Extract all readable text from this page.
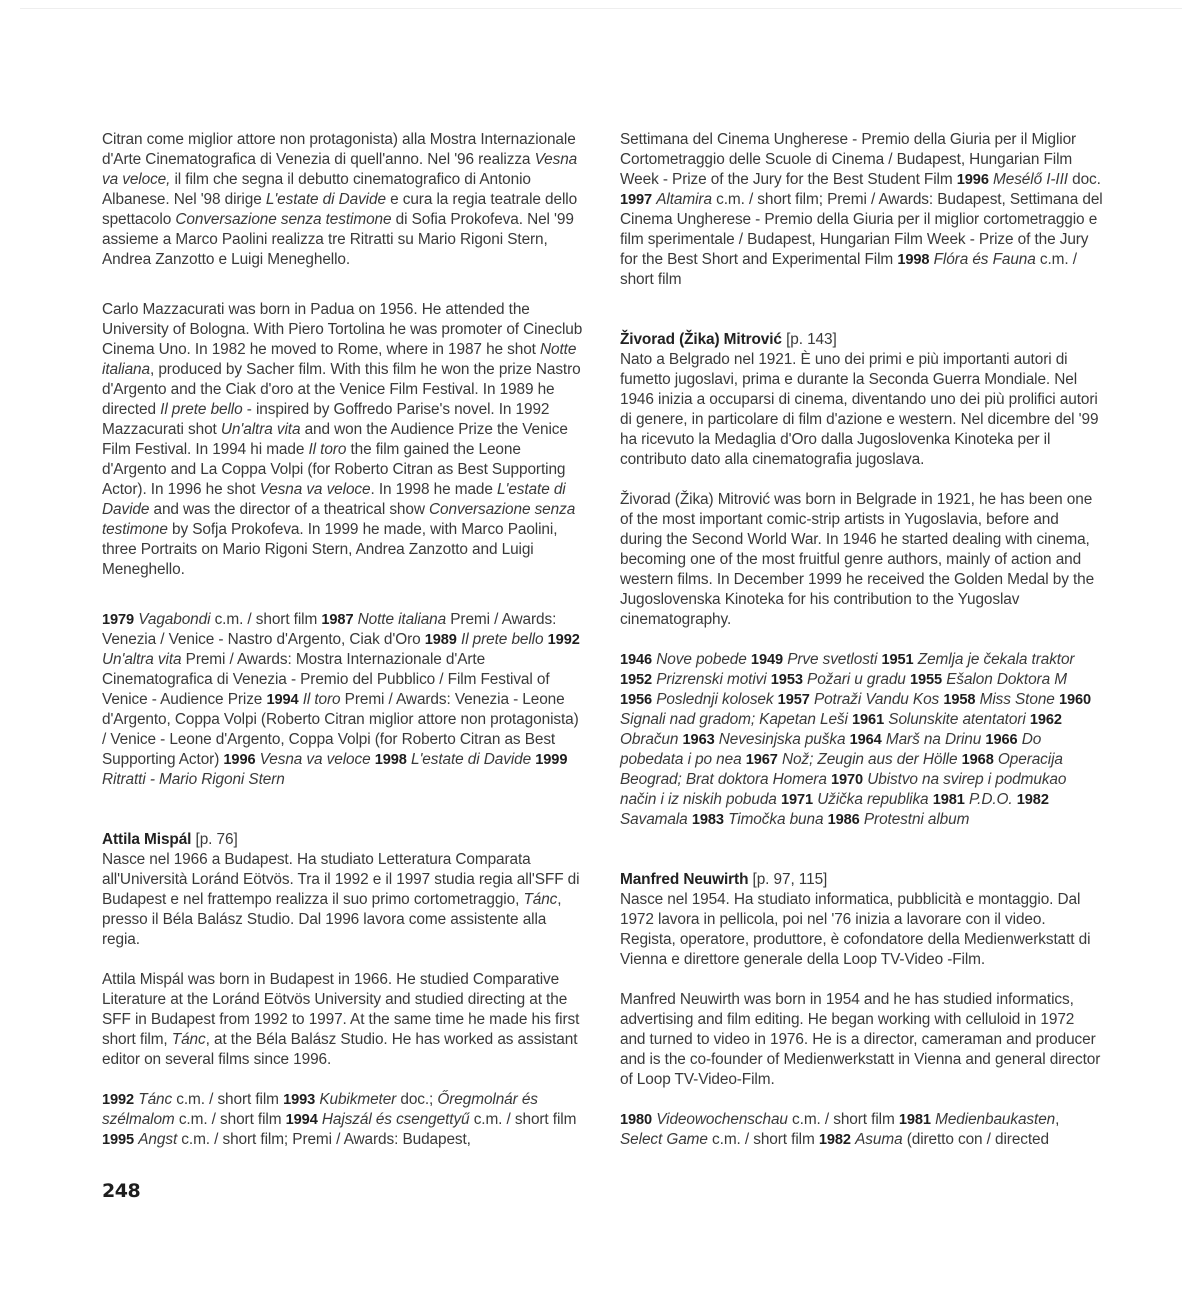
Citran come miglior attore non protagonista) alla Mostra Internazionale d'Arte Cinematografica di Venezia di quell'anno. Nel '96 realizza Vesna va veloce, il film che segna il debutto cinematografico di Antonio Albanese. Nel '98 dirige L'estate di Davide e cura la regia teatrale dello spettacolo Conversazione senza testimone di Sofia Prokofeva. Nel '99 assieme a Marco Paolini realizza tre Ritratti su Mario Rigoni Stern, Andrea Zanzotto e Luigi Meneghello.

Carlo Mazzacurati was born in Padua on 1956. He attended the University of Bologna. With Piero Tortolina he was promoter of Cineclub Cinema Uno. In 1982 he moved to Rome, where in 1987 he shot Notte italiana, produced by Sacher film. With this film he won the prize Nastro d'Argento and the Ciak d'oro at the Venice Film Festival. In 1989 he directed Il prete bello - inspired by Goffredo Parise's novel. In 1992 Mazzacurati shot Un'altra vita and won the Audience Prize the Venice Film Festival. In 1994 hi made Il toro the film gained the Leone d'Argento and La Coppa Volpi (for Roberto Citran as Best Supporting Actor). In 1996 he shot Vesna va veloce. In 1998 he made L'estate di Davide and was the director of a theatrical show Conversazione senza testimone by Sofja Prokofeva. In 1999 he made, with Marco Paolini, three Portraits on Mario Rigoni Stern, Andrea Zanzotto and Luigi Meneghello.

1979 Vagabondi c.m. / short film 1987 Notte italiana Premi / Awards: Venezia / Venice - Nastro d'Argento, Ciak d'Oro 1989 Il prete bello 1992 Un'altra vita Premi / Awards: Mostra Internazionale d'Arte Cinematografica di Venezia - Premio del Pubblico / Film Festival of Venice - Audience Prize 1994 Il toro Premi / Awards: Venezia - Leone d'Argento, Coppa Volpi (Roberto Citran miglior attore non protagonista) / Venice - Leone d'Argento, Coppa Volpi (for Roberto Citran as Best Supporting Actor) 1996 Vesna va veloce 1998 L'estate di Davide 1999 Ritratti - Mario Rigoni Stern

Attila Mispál [p. 76]

Nasce nel 1966 a Budapest. Ha studiato Letteratura Comparata all'Università Loránd Eötvös. Tra il 1992 e il 1997 studia regia all'SFF di Budapest e nel frattempo realizza il suo primo cortometraggio, Tánc, presso il Béla Balász Studio. Dal 1996 lavora come assistente alla regia.

Attila Mispál was born in Budapest in 1966. He studied Comparative Literature at the Loránd Eötvös University and studied directing at the SFF in Budapest from 1992 to 1997. At the same time he made his first short film, Tánc, at the Béla Balász Studio. He has worked as assistant editor on several films since 1996.

1992 Tánc c.m. / short film 1993 Kubikmeter doc.; Őregmolnár és szélmalom c.m. / short film 1994 Hajszál és csengettyű c.m. / short film 1995 Angst c.m. / short film; Premi / Awards: Budapest,

Settimana del Cinema Ungherese - Premio della Giuria per il Miglior Cortometraggio delle Scuole di Cinema / Budapest, Hungarian Film Week - Prize of the Jury for the Best Student Film 1996 Mesélő I-III doc. 1997 Altamira c.m. / short film; Premi / Awards: Budapest, Settimana del Cinema Ungherese - Premio della Giuria per il miglior cortometraggio e film sperimentale / Budapest, Hungarian Film Week - Prize of the Jury for the Best Short and Experimental Film 1998 Flóra és Fauna c.m. / short film

Živorad (Žika) Mitrović [p. 143]

Nato a Belgrado nel 1921. È uno dei primi e più importanti autori di fumetto jugoslavi, prima e durante la Seconda Guerra Mondiale. Nel 1946 inizia a occuparsi di cinema, diventando uno dei più prolifici autori di genere, in particolare di film d'azione e western. Nel dicembre del '99 ha ricevuto la Medaglia d'Oro dalla Jugoslovenka Kinoteka per il contributo dato alla cinematografia jugoslava.

Živorad (Žika) Mitrović was born in Belgrade in 1921, he has been one of the most important comic-strip artists in Yugoslavia, before and during the Second World War. In 1946 he started dealing with cinema, becoming one of the most fruitful genre authors, mainly of action and western films. In December 1999 he received the Golden Medal by the Jugoslovenska Kinoteka for his contribution to the Yugoslav cinematography.

1946 Nove pobede 1949 Prve svetlosti 1951 Zemlja je čekala traktor 1952 Prizrenski motivi 1953 Požari u gradu 1955 Ešalon Doktora M 1956 Poslednji kolosek 1957 Potraži Vandu Kos 1958 Miss Stone 1960 Signali nad gradom; Kapetan Leši 1961 Solunskite atentatori 1962 Obračun 1963 Nevesinjska puška 1964 Marš na Drinu 1966 Do pobedata i po nea 1967 Nož; Zeugin aus der Hölle 1968 Operacija Beograd; Brat doktora Homera 1970 Ubistvo na svirep i podmukao način i iz niskih pobuda 1971 Užička republika 1981 P.D.O. 1982 Savamala 1983 Timočka buna 1986 Protestni album

Manfred Neuwirth [p. 97, 115]

Nasce nel 1954. Ha studiato informatica, pubblicità e montaggio. Dal 1972 lavora in pellicola, poi nel '76 inizia a lavorare con il video. Regista, operatore, produttore, è cofondatore della Medienwerkstatt di Vienna e direttore generale della Loop TV-Video -Film.

Manfred Neuwirth was born in 1954 and he has studied informatics, advertising and film editing. He began working with celluloid in 1972 and turned to video in 1976. He is a director, cameraman and producer and is the co-founder of Medienwerkstatt in Vienna and general director of Loop TV-Video-Film.

1980 Videowochenschau c.m. / short film 1981 Medienbaukasten, Select Game c.m. / short film 1982 Asuma (diretto con / directed

248
